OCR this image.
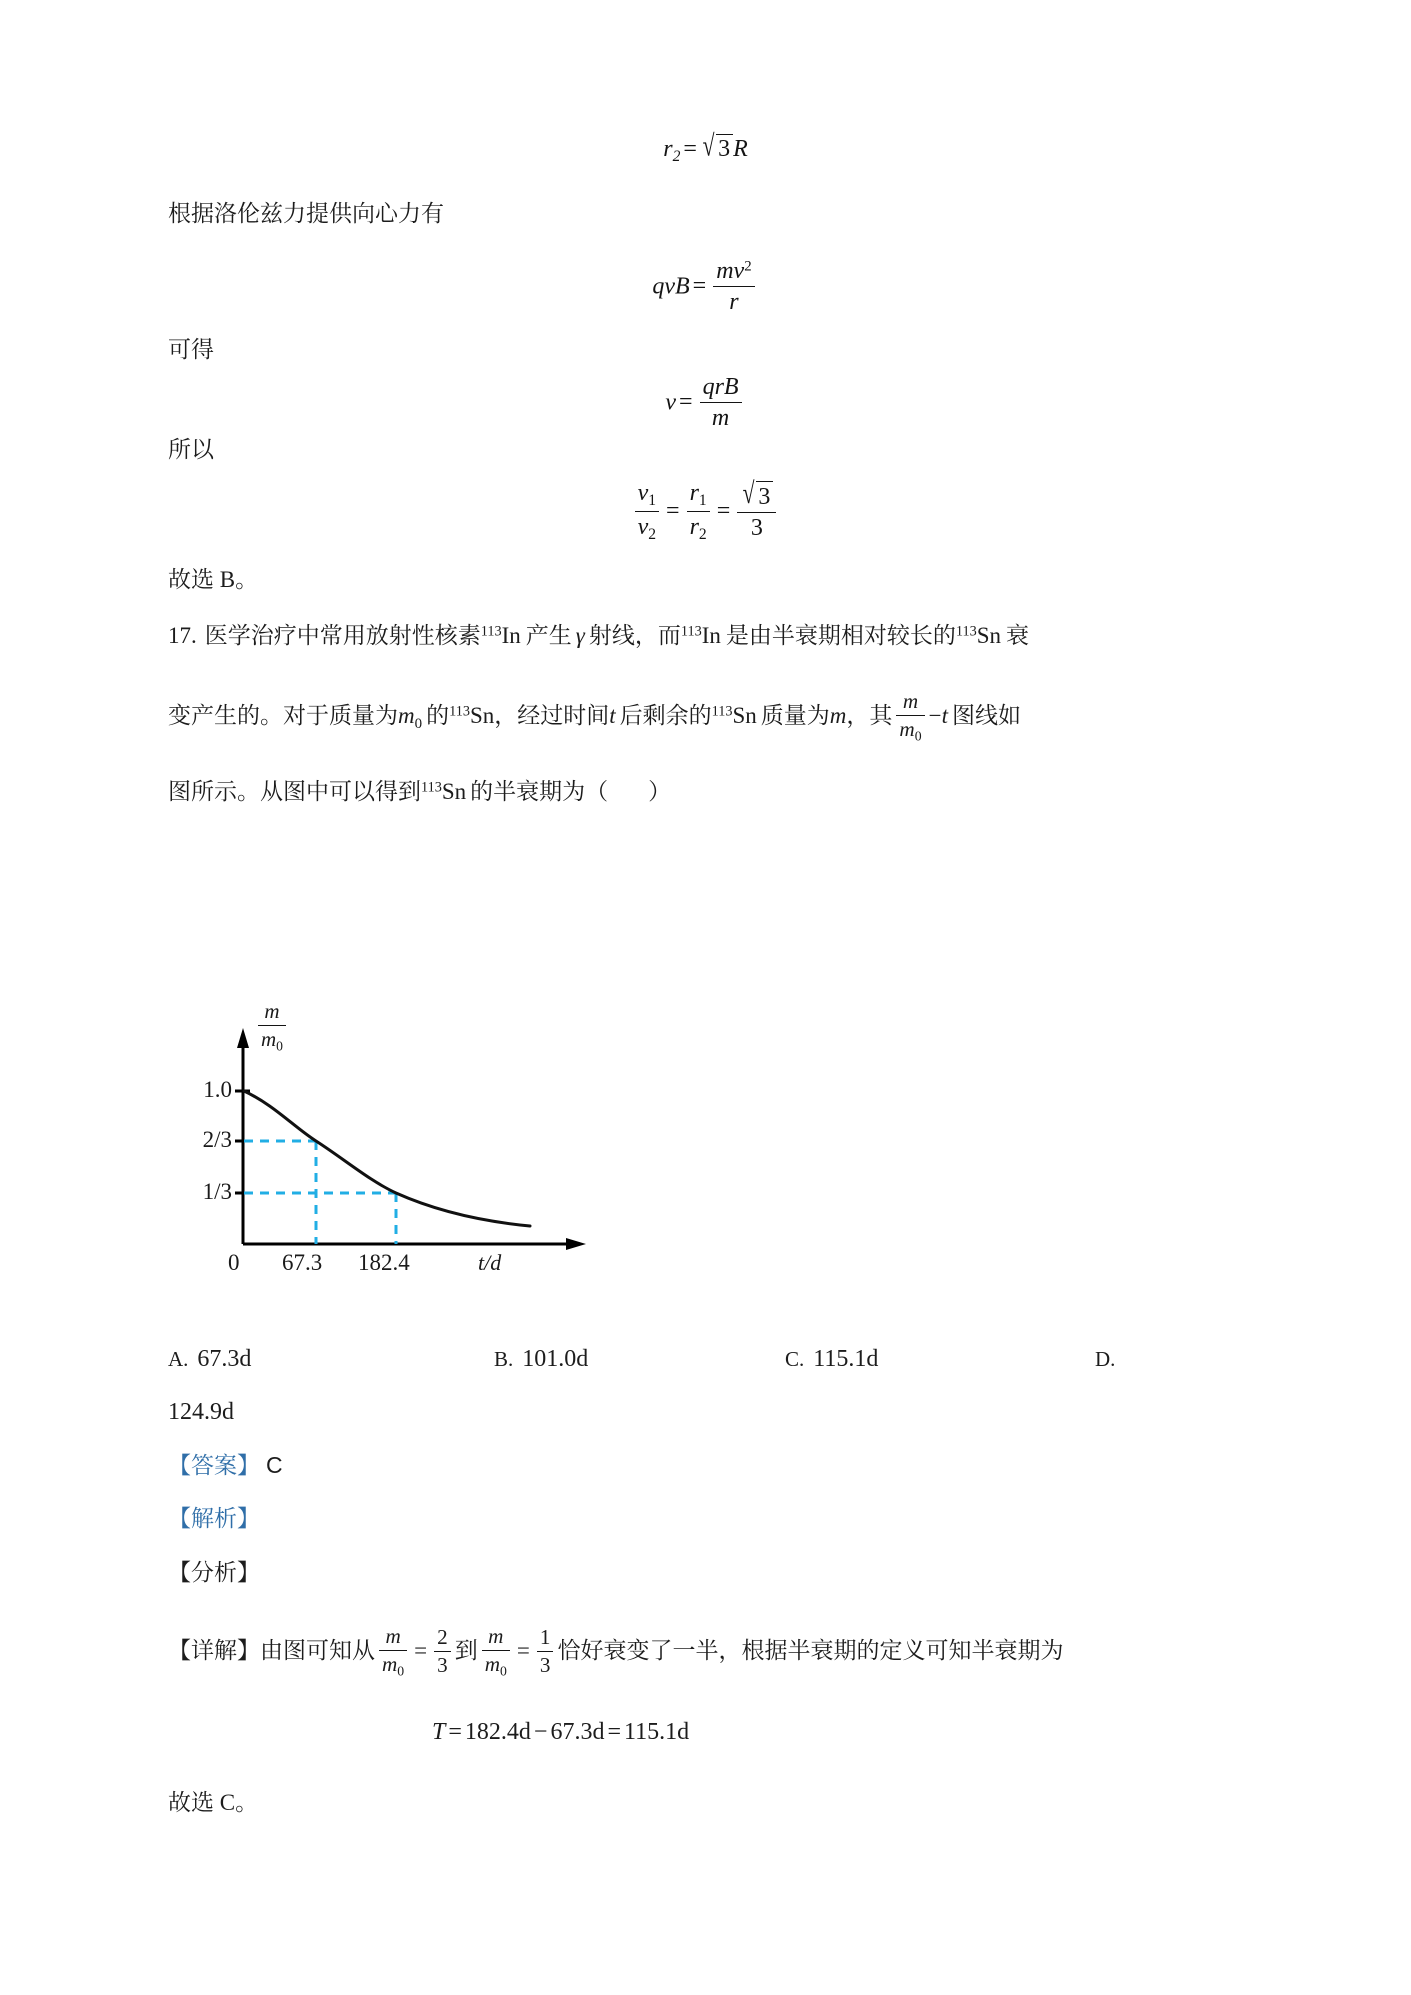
$r_2$ = √ 3 R
根据洛伦兹力提供向心力有
qvB = $\frac{mv^2}{r}$
可得
$v = \frac{\text{qrB}}{m}$
所以
$\frac{v_1}{v_2} = \frac{r_1}{r_2} = \frac{√ 3}{3}$
故选 B。
17. 医学治疗中常用放射性核素$^{113}$In 产生 γ 射线，而$^{113}$In 是由半衰期相对较长的$^{113}$Sn 衰
变产生的。对于质量为$m_0$ 的$^{113}$Sn，经过时间t 后剩余的$^{113}$Sn 质量为m，其 $\frac{m}{m_0} -t$ 图线如
图所示。从图中可以得到$^{113}$Sn 的半衰期为（ ）
$\frac{m}{m_0}$
1.0
2/3
1/3
0 67.3 182.4	t/d
A. 67.3d	B. 101.0d	C. 115.1d	D.
124.9d
【答案】 C
【解析】
【分析】
【详解】由图可知从 $\frac{m}{m_0} = \frac{2}{3}$ 到 $\frac{m}{m_0} = \frac{1}{3}$ 恰好衰变了一半，根据半衰期的定义可知半衰期为
T = 182.4d − 67.3d = 115.1d
故选 C。
